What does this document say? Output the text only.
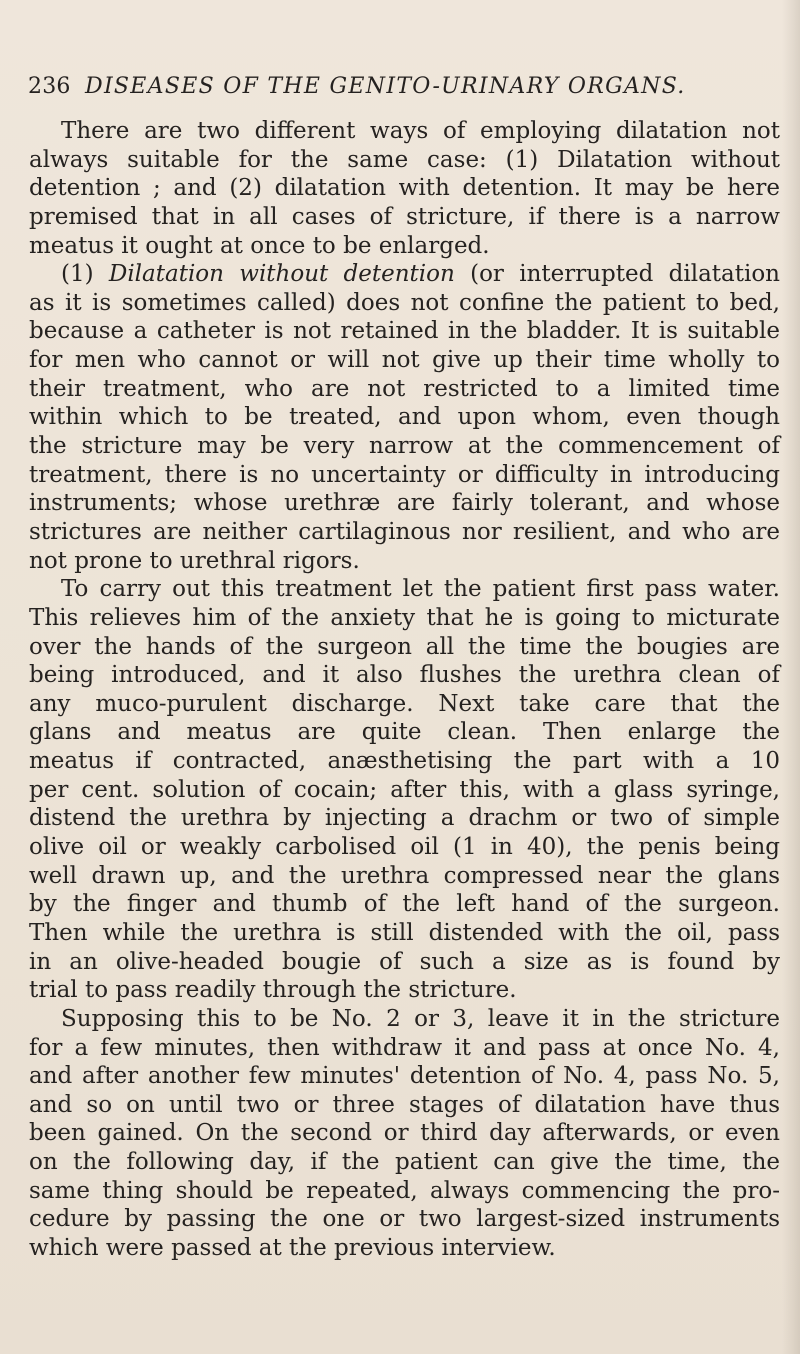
236 DISEASES OF THE GENITO-URINARY ORGANS.
There are two different ways of employing dilatation not
always suitable for the same case: (1) Dilatation without
detention ; and (2) dilatation with detention. It may be here
premised that in all cases of stricture, if there is a narrow
meatus it ought at once to be enlarged.
(1) Dilatation without detention (or interrupted dilatation
as it is sometimes called) does not confine the patient to bed,
because a catheter is not retained in the bladder. It is suitable
for men who cannot or will not give up their time wholly to
their treatment, who are not restricted to a limited time
within which to be treated, and upon whom, even though
the stricture may be very narrow at the commencement of
treatment, there is no uncertainty or difficulty in introducing
instruments; whose urethræ are fairly tolerant, and whose
strictures are neither cartilaginous nor resilient, and who are
not prone to urethral rigors.
To carry out this treatment let the patient first pass water.
This relieves him of the anxiety that he is going to micturate
over the hands of the surgeon all the time the bougies are
being introduced, and it also flushes the urethra clean of
any muco-purulent discharge. Next take care that the
glans and meatus are quite clean. Then enlarge the
meatus if contracted, anæsthetising the part with a 10
per cent. solution of cocain; after this, with a glass syringe,
distend the urethra by injecting a drachm or two of simple
olive oil or weakly carbolised oil (1 in 40), the penis being
well drawn up, and the urethra compressed near the glans
by the finger and thumb of the left hand of the surgeon.
Then while the urethra is still distended with the oil, pass
in an olive-headed bougie of such a size as is found by
trial to pass readily through the stricture.
Supposing this to be No. 2 or 3, leave it in the stricture
for a few minutes, then withdraw it and pass at once No. 4,
and after another few minutes' detention of No. 4, pass No. 5,
and so on until two or three stages of dilatation have thus
been gained. On the second or third day afterwards, or even
on the following day, if the patient can give the time, the
same thing should be repeated, always commencing the pro-
cedure by passing the one or two largest-sized instruments
which were passed at the previous interview.
